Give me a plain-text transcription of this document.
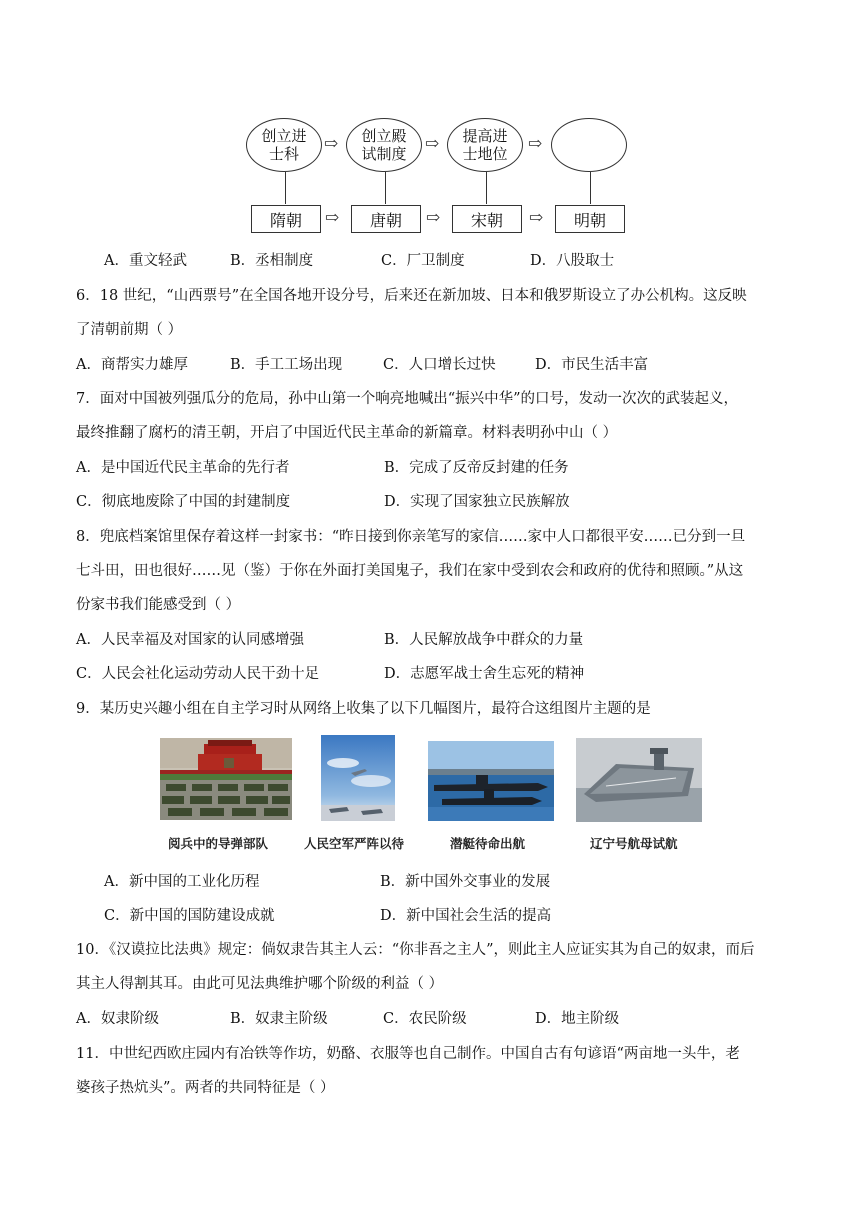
创立进士科
创立殿试制度
提高进士地位
⇨	⇨	⇨
隋朝	唐朝	宋朝	明朝
⇨	⇨	⇨
A．重文轻武	B．丞相制度	C．厂卫制度	D．八股取士
6．18 世纪，“山西票号”在全国各地开设分号，后来还在新加坡、日本和俄罗斯设立了办公机构。这反映
了清朝前期（ ）
A．商帮实力雄厚	B．手工工场出现	C．人口增长过快	D．市民生活丰富
7．面对中国被列强瓜分的危局，孙中山第一个响亮地喊出“振兴中华”的口号，发动一次次的武装起义，
最终推翻了腐朽的清王朝，开启了中国近代民主革命的新篇章。材料表明孙中山（ ）
A．是中国近代民主革命的先行者	B．完成了反帝反封建的任务
C．彻底地废除了中国的封建制度	D．实现了国家独立民族解放
8．兜底档案馆里保存着这样一封家书：“昨日接到你亲笔写的家信……家中人口都很平安……已分到一旦
七斗田，田也很好……见（鉴）于你在外面打美国鬼子，我们在家中受到农会和政府的优待和照顾。”从这
份家书我们能感受到（ ）
A．人民幸福及对国家的认同感增强	B．人民解放战争中群众的力量
C．人民会社化运动劳动人民干劲十足	D．志愿军战士舍生忘死的精神
9．某历史兴趣小组在自主学习时从网络上收集了以下几幅图片，最符合这组图片主题的是
阅兵中的导弹部队	人民空军严阵以待	潜艇待命出航	辽宁号航母试航
A．新中国的工业化历程	B．新中国外交事业的发展
C．新中国的国防建设成就	D．新中国社会生活的提高
10．《汉谟拉比法典》规定：倘奴隶告其主人云：“你非吾之主人”，则此主人应证实其为自己的奴隶，而后
其主人得割其耳。由此可见法典维护哪个阶级的利益（ ）
A．奴隶阶级	B．奴隶主阶级	C．农民阶级	D．地主阶级
11．中世纪西欧庄园内有冶铁等作坊，奶酪、衣服等也自己制作。中国自古有句谚语“两亩地一头牛，老
婆孩子热炕头”。两者的共同特征是（ ）
